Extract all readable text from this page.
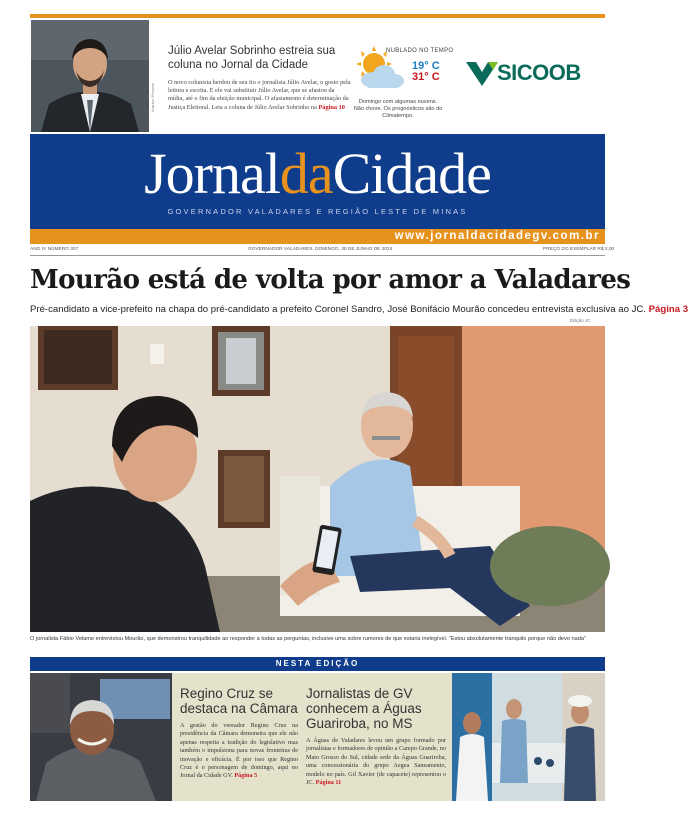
Arquivo Pessoal
Júlio Avelar Sobrinho estreia sua coluna no Jornal da Cidade
O novo colunista herdou de seu tio o jornalista Júlio Avelar, o gosto pela leitura e escrita. E ele vai substituir Júlio Avelar, que se afastou da mídia, até o fim da eleição municipal. O afastamento é determinação da Justiça Eleitoral. Leia a coluna de Júlio Avelar Sobrinho na Página 10
NUBLADO NO TEMPO
19° C
31° C
Domingo com algumas nuvens. Não chove. Os prognósticos são do Climatempo.
SICOOB
JornaldaCidade
GOVERNADOR VALADARES E REGIÃO LESTE DE MINAS
www.jornaldacidadegv.com.br
ANO IV NÚMERO 307	GOVERNADOR VALADARES, DOMINGO, 30 DE JUNHO DE 2024	PREÇO DO EXEMPLAR R$ 2,00
Mourão está de volta por amor a Valadares
Pré-candidato a vice-prefeito na chapa do pré-candidato a prefeito Coronel Sandro, José Bonifácio Mourão concedeu entrevista exclusiva ao JC. Página 3
Edição JC
O jornalista Fábio Velame entrevistou Mourão, que demonstrou tranquilidade ao responder a todas as perguntas, inclusive uma sobre rumores de que estaria inelegível. "Estou absolutamente tranquilo porque não devo nada"
NESTA EDIÇÃO
Regino Cruz se destaca na Câmara
A gestão do vereador Regino Cruz na presidência da Câmara demonstra que ele não apenas respeita a tradição do legislativo mas também o impulsiona para novas fronteiras de inovação e eficácia. É por isso que Regino Cruz é o personagem de domingo, aqui no Jornal da Cidade GV. Página 5
Jornalistas de GV conhecem a Águas Guariroba, no MS
A Águas de Valadares levou um grupo formado por jornalistas e formadores de opinião a Campo Grande, no Mato Grosso do Sul, cidade sede da Águas Guariroba, uma concessionária do grupo Aegea Saneamento, modelo no país. Gil Xavier (de capacete) representou o JC. Página 11
